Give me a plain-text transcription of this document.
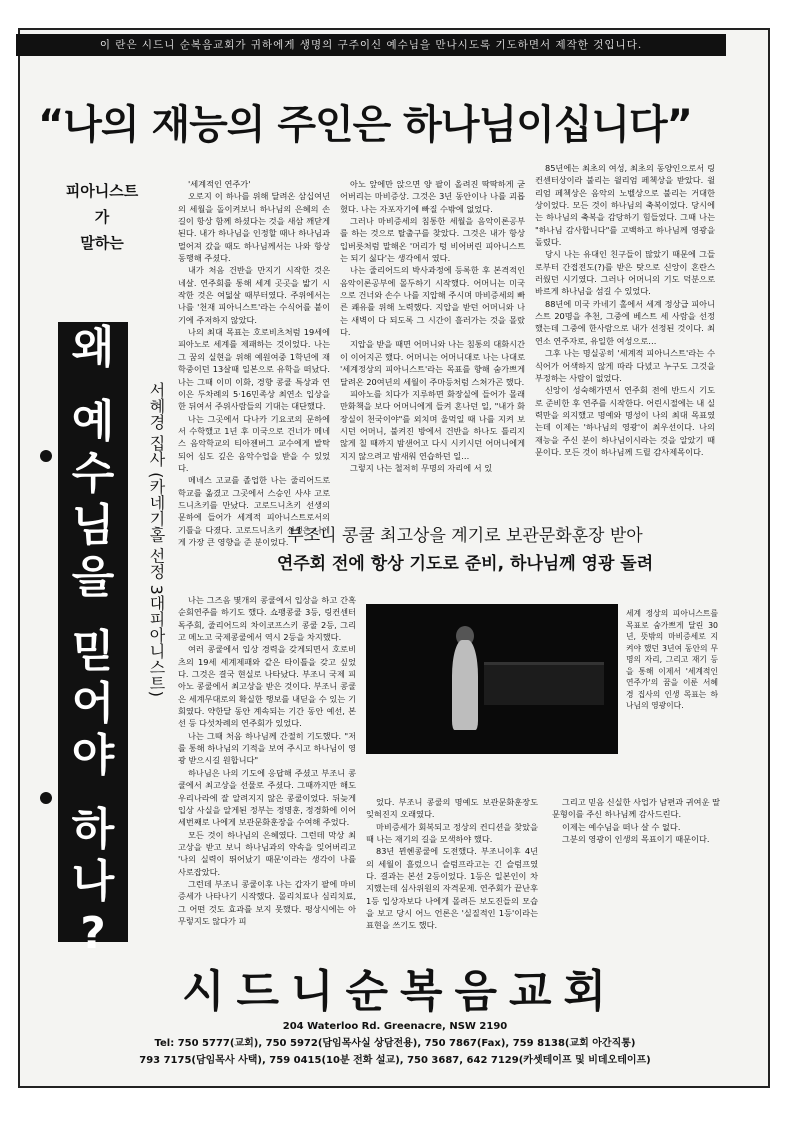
이 란은 시드니 순복음교회가 귀하에게 생명의 구주이신 예수님을 만나시도록 기도하면서 제작한 것입니다.
“나의 재능의 주인은 하나님이십니다”
피아니스트가
말하는
왜
예
수
님
을
믿
어
야
하
나
?
서혜경 집사 (카네기홀 선정 3대피아니스트)

'세계적인 연주가'

오로지 이 하나를 위해 달려온 삼십여년의 세월을 돌이켜보니 하나님의 은혜의 손길이 항상 함께 하셨다는 것을 새삼 깨닫게 된다. 내가 하나님을 인정할 때나 하나님과 멀어져 갔을 때도 하나님께서는 나와 항상 동행해 주셨다.

내가 처음 건반을 만지기 시작한 것은 네살. 연주회를 통해 세계 곳곳을 밟기 시작한 것은 여덟살 때부터였다. 주위에서는 나를 '천재 피아니스트'라는 수식어를 붙이기에 주저하지 않았다.

나의 최대 목표는 호로비츠처럼 19세에 피아노로 세계를 제패하는 것이었다. 나는 그 꿈의 실현을 위해 예원여중 1학년에 재학중이던 13살때 일본으로 유학을 떠났다. 나는 그때 이미 이화, 경향 콩쿨 특상과 연이은 두차례의 5·16민족상 최연소 입상을 한 뒤여서 주위사람들의 기대는 대단했다.

나는 그곳에서 다나카 기요코의 문하에서 수학했고 1년 후 미국으로 건너가 메네스 음악학교의 티아젠버그 교수에게 발탁되어 심도 깊은 음악수업을 받을 수 있었다.

메네스 고교를 졸업한 나는 줄리어드로 학교를 옮겼고 그곳에서 스승인 사샤 고로드니츠키를 만났다. 고로드니츠키 선생의 문하에 들어가 세계적 피아니스트로서의 기틀을 다졌다. 고로드니츠키 선생은 나에게 가장 큰 영향을 준 분이었다.

아노 앞에만 앉으면 양 팔이 올려진 딱딱하게 굳어버리는 마비증상. 그것은 3년 동안이나 나를 괴롭혔다. 나는 자포자기에 빠질 수밖에 없었다.

그러나 마비증세의 침통한 세월을 음악이론공부를 하는 것으로 탈출구를 찾았다. 그것은 내가 항상 입버릇처럼 말해온 '머리가 텅 비어버린 피아니스트는 되기 싫다'는 생각에서 였다.

나는 줄리어드의 박사과정에 등록한 후 본격적인 음악이론공부에 몰두하기 시작했다. 어머니는 미국으로 건너와 손수 나를 지압해 주시며 마비증세의 빠른 쾌유를 위해 노력했다. 지압을 받던 어머니와 나는 새벽이 다 되도록 그 시간이 흘러가는 것을 몰랐다.

지압을 받을 때면 어머니와 나는 침통의 대화시간이 이어지곤 했다. 어머니는 어머니대로 나는 나대로 '세계정상의 피아니스트'라는 목표를 향해 숨가쁘게 달려온 20여년의 세월이 주마등처럼 스쳐가곤 했다.

피아노를 치다가 지루하면 화장실에 들어가 몰래 만화책을 보다 어머니에게 들켜 혼나던 일, "내가 화장실이 천국이야"를 외치며 울먹일 때 나를 지켜 보시던 어머니, 불켜진 방에서 건반을 하나도 틀리지 않게 칠 때까지 밤샌어고 다시 시키시던 어머니에게 지지 않으려고 밤새워 연습하던 일…

그렇지 나는 철저히 무명의 자리에 서 있

85년에는 최초의 여성, 최초의 동양인으로서 링컨센터상이라 불리는 윌리엄 페첵상을 받았다. 윌리엄 페첵상은 음악의 노벨상으로 불리는 거대한 상이었다. 모든 것이 하나님의 축복이었다. 당시에는 하나님의 축복을 감당하기 힘들었다. 그때 나는 "하나님 감사합니다"를 고백하고 하나님께 영광을 돌렸다.

당시 나는 유대인 친구들이 많았기 때문에 그들로부터 간접전도(?)를 받은 탓으로 신앙이 혼란스러웠던 시기였다. 그러나 어머니의 기도 덕분으로 바르게 하나님을 섬길 수 있었다.

88년에 미국 카네기 홀에서 세계 정상급 피아니스트 20명을 추천, 그중에 베스트 세 사람을 선정했는데 그중에 한사람으로 내가 선정된 것이다. 최연소 연주자로, 유일한 여성으로…

그후 나는 명실공히 '세계적 피아니스트'라는 수식어가 어색하지 않게 따라 다녔고 누구도 그것을 부정하는 사람이 없었다.

신앙이 성숙해가면서 연주회 전에 반드시 기도로 준비한 후 연주를 시작한다. 어린시절에는 내 실력만을 의지했고 명예와 명성이 나의 최대 목표였는데 이제는 '하나님의 영광'이 최우선이다. 나의 재능을 주신 분이 하나님이시라는 것을 알았기 때문이다. 모든 것이 하나님께 드릴 감사제목이다.

부조니 콩쿨 최고상을 계기로 보관문화훈장 받아
연주회 전에 항상 기도로 준비, 하나님께 영광 돌려

나는 그즈음 몇개의 콩쿨에서 입상을 하고 간혹 순회연주를 하기도 했다. 쇼팽콩쿨 3등, 링컨센터 독주회, 줄리어드의 차이코프스키 콩쿨 2등, 그리고 메노고 국제콩쿨에서 역시 2등을 차지했다.

여러 콩쿨에서 입상 경력을 갖게되면서 호로비츠의 19세 세계제패와 같은 타이틀을 갖고 싶었다. 그것은 결국 현실로 나타났다. 부조니 국제 피아노 콩쿨에서 최고상을 받은 것이다. 부조니 콩쿨은 세계무대로의 확실한 행보를 내딛을 수 있는 기회였다. 약한달 동안 계속되는 기간 동안 예선, 본선 등 다섯차례의 연주회가 있었다.

나는 그때 처음 하나님께 간절히 기도했다. "저를 통해 하나님의 기적을 보여 주시고 하나님이 영광 받으시길 원합니다"

하나님은 나의 기도에 응답해 주셨고 부조니 콩쿨에서 최고상을 선물로 주셨다. 그때까지만 해도 우리나라에 잘 알려지지 않은 콩쿨이었다. 뒤늦게 입상 사실을 알게된 정부는 정명훈, 정경화에 이어 세번째로 나에게 보관문화훈장을 수여해 주었다.

모든 것이 하나님의 은혜였다. 그런데 막상 최고상을 받고 보니 하나님과의 약속을 잊어버리고 '나의 실력이 뛰어났기 때문'이라는 생각이 나를 사로잡았다.

그런데 부조니 콩쿨이후 나는 갑자기 팔에 마비증세가 나타나기 시작했다. 몰리치료나 심리치료, 그 어떤 것도 효과를 보지 못했다. 평상시에는 아무렇지도 않다가 피

세계 정상의 피아니스트를 목표로 숨가쁘게 달린 30년, 뜻밖의 마비증세로 지켜야 했던 3년여 동안의 무명의 자리, 그리고 재기 등을 통해 이제서 '세계적인 연주가'의 꿈을 이룬 서혜경 집사의 인생 목표는 하나님의 영광이다.

었다. 부조니 콩쿨의 명예도 보관문화훈장도 잊혀진지 오래였다.

마비증세가 회복되고 정상의 컨디션을 찾았을때 나는 재기의 길을 모색하야 했다.

83년 뮌헨콩쿨에 도전했다. 부조니이후 4년의 세월이 흘렀으니 슬럼프라고는 긴 슬럼프였다. 결과는 본선 2등이었다. 1등은 일본인이 차지했는데 심사위원의 자격문제. 연주회가 끝난후 1등 입상자보다 나에게 몰려든 보도진들의 모습을 보고 당시 어느 언론은 '실질적인 1등'이라는 표현을 쓰기도 했다.

그리고 믿음 신실한 사업가 남편과 귀여운 딸 문형이를 주신 하나님께 감사드린다.

이제는 예수님을 떠나 살 수 없다.

그분의 영광이 인생의 목표이기 때문이다.

시드니순복음교회
204 Waterloo Rd. Greenacre, NSW 2190
Tel: 750 5777(교회), 750 5972(담임목사실 상담전용), 750 7867(Fax), 759 8138(교회 아간직통)
793 7175(담임목사 사택), 759 0415(10분 전화 설교), 750 3687, 642 7129(카셋테이프 및 비데오테이프)
